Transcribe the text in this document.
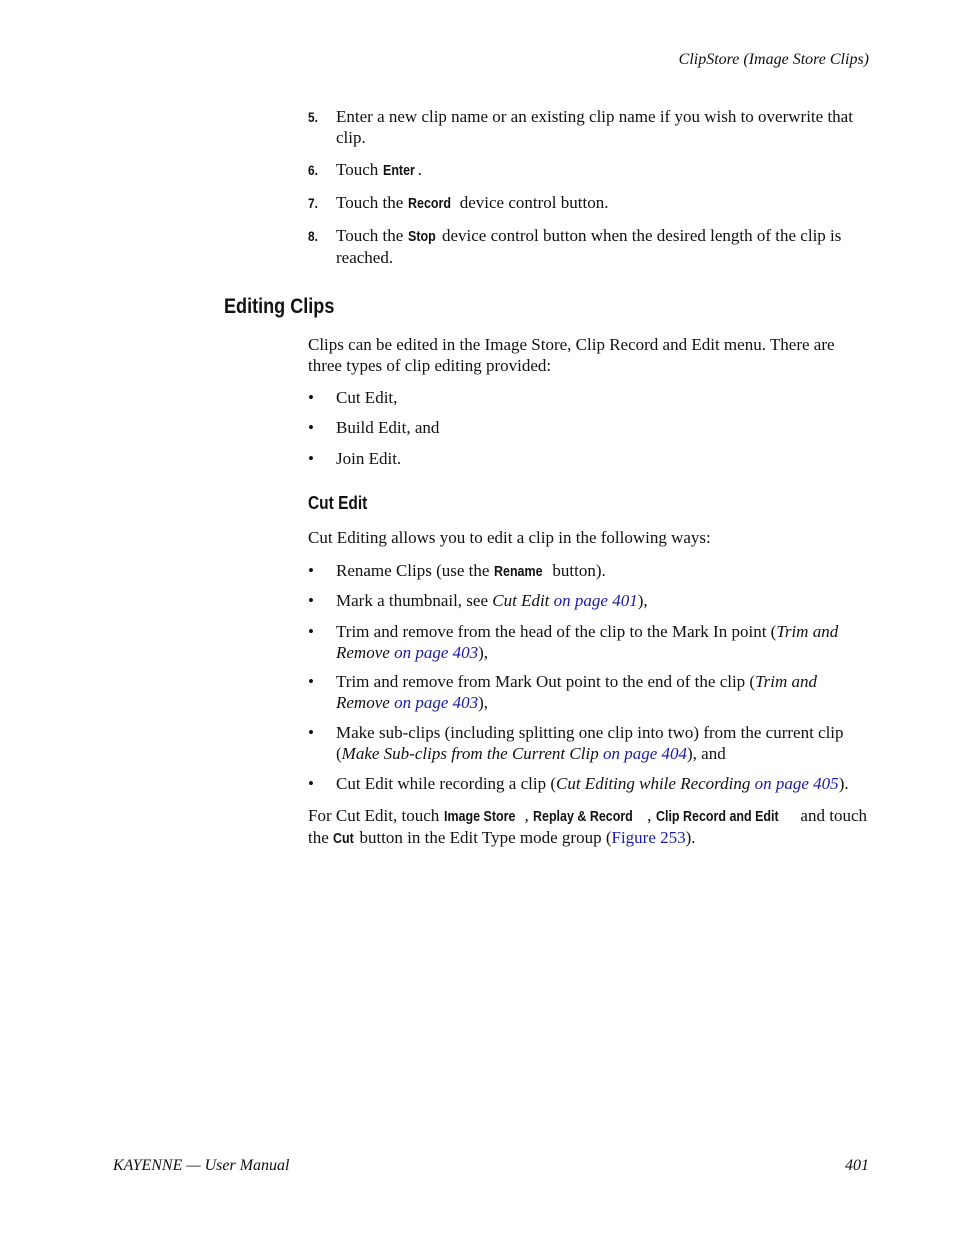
ClipStore (Image Store Clips)
5. Enter a new clip name or an existing clip name if you wish to overwrite that clip.
6. Touch Enter .
7. Touch the Record device control button.
8. Touch the Stop device control button when the desired length of the clip is reached.
Editing Clips
Clips can be edited in the Image Store, Clip Record and Edit menu. There are three types of clip editing provided:
• Cut Edit,
• Build Edit, and
• Join Edit.
Cut Edit
Cut Editing allows you to edit a clip in the following ways:
• Rename Clips (use the Rename button).
• Mark a thumbnail, see Cut Edit on page 401),
• Trim and remove from the head of the clip to the Mark In point (Trim and Remove on page 403),
• Trim and remove from Mark Out point to the end of the clip (Trim and Remove on page 403),
• Make sub-clips (including splitting one clip into two) from the current clip (Make Sub-clips from the Current Clip on page 404), and
• Cut Edit while recording a clip (Cut Editing while Recording on page 405).
For Cut Edit, touch Image Store , Replay & Record , Clip Record and Edit and touch the Cut button in the Edit Type mode group (Figure 253).
KAYENNE — User Manual	401
